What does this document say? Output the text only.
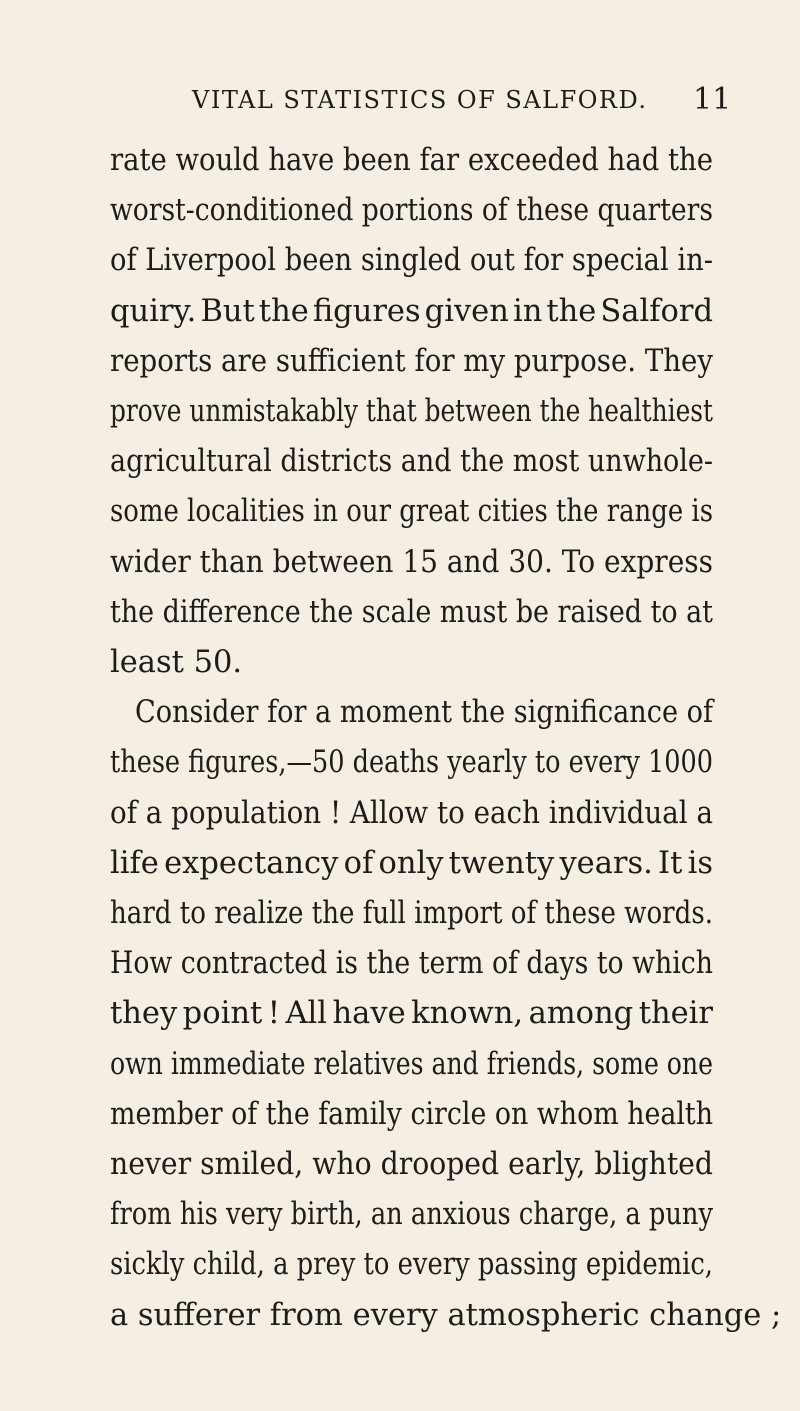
VITAL STATISTICS OF SALFORD. 11
rate would have been far exceeded had the
worst-conditioned portions of these quarters
of Liverpool been singled out for special in-
quiry. But the figures given in the Salford
reports are sufficient for my purpose. They
prove unmistakably that between the healthiest
agricultural districts and the most unwhole-
some localities in our great cities the range is
wider than between 15 and 30. To express
the difference the scale must be raised to at
least 50.
Consider for a moment the significance of
these figures,—50 deaths yearly to every 1000
of a population ! Allow to each individual a
life expectancy of only twenty years. It is
hard to realize the full import of these words.
How contracted is the term of days to which
they point ! All have known, among their
own immediate relatives and friends, some one
member of the family circle on whom health
never smiled, who drooped early, blighted
from his very birth, an anxious charge, a puny
sickly child, a prey to every passing epidemic,
a sufferer from every atmospheric change ;
